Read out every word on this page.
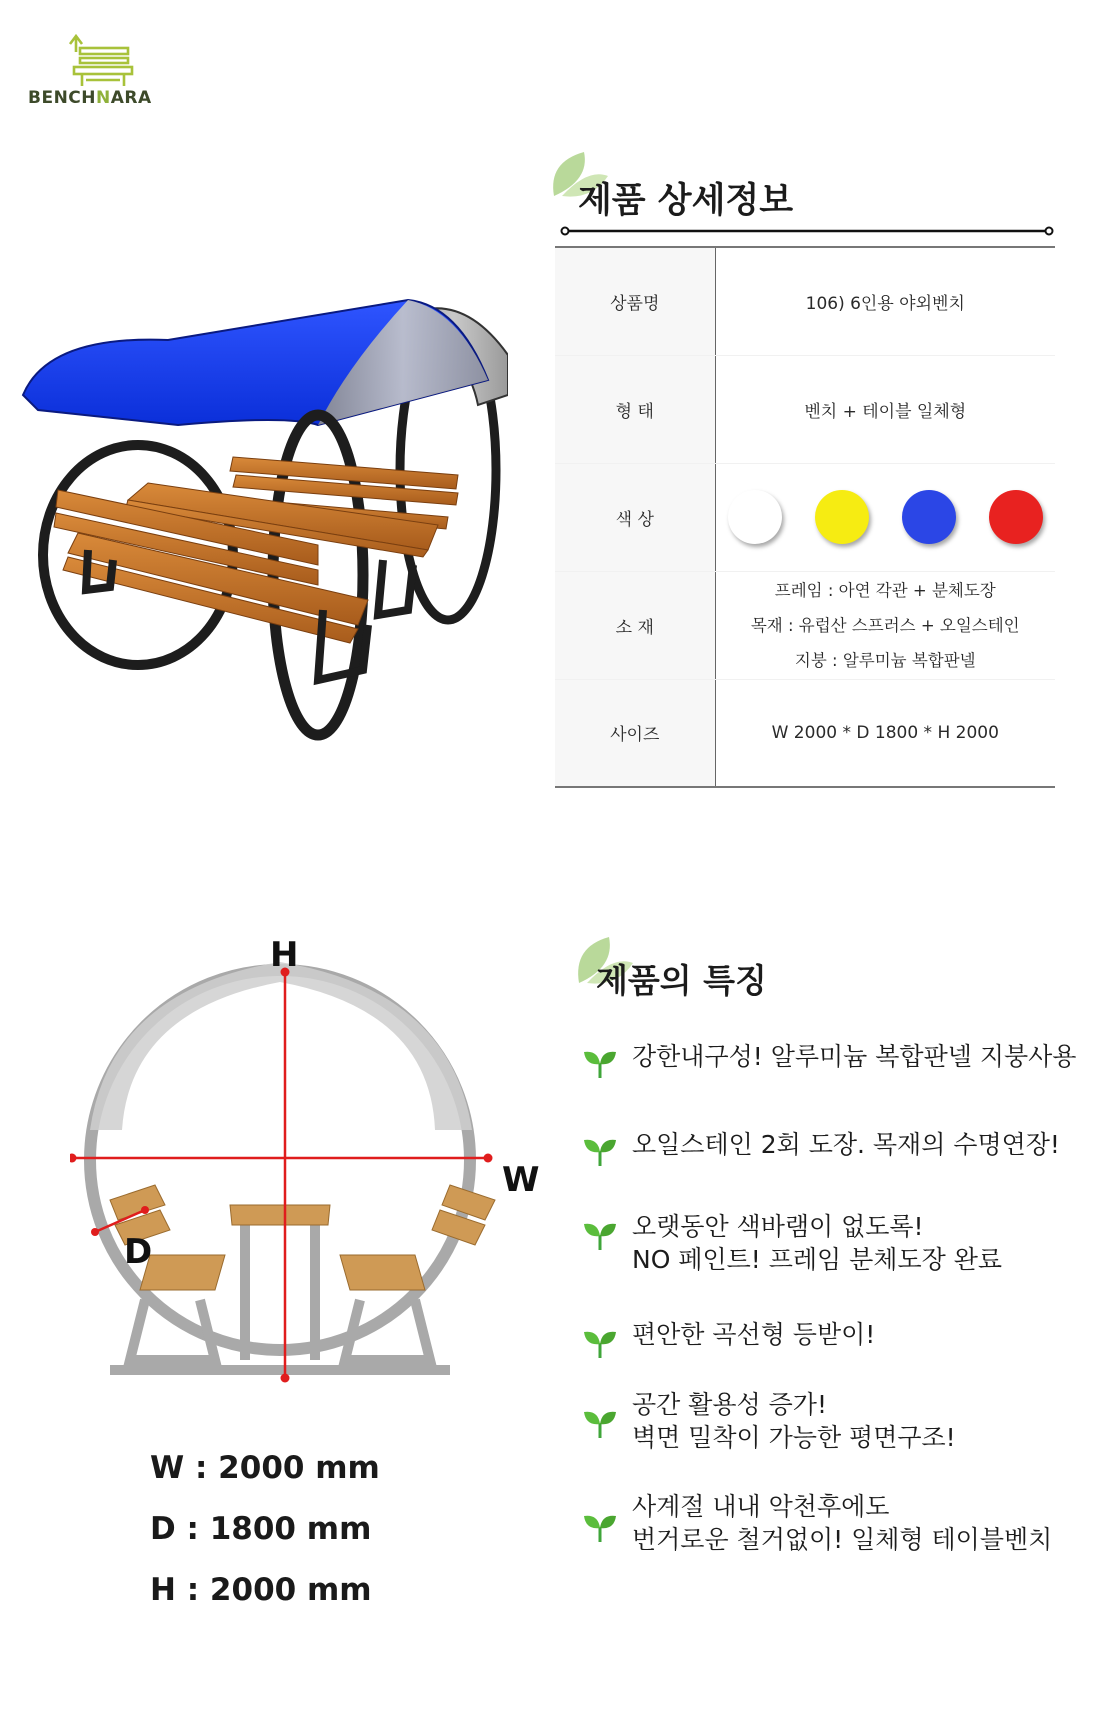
BENCHNARA
제품 상세정보
상품명	106) 6인용 야외벤치
형 태	벤치 + 테이블 일체형
색 상	

소 재	프레임 : 아연 각관 + 분체도장
목재 : 유럽산 스프러스 + 오일스테인
지붕 : 알루미늄 복합판넬

사이즈	W 2000 * D 1800 * H 2000
H
W
D
W : 2000 mm
D : 1800 mm
H : 2000 mm
제품의 특징
강한내구성! 알루미늄 복합판넬 지붕사용
오일스테인 2회 도장. 목재의 수명연장!
오랫동안 색바램이 없도록!
NO 페인트! 프레임 분체도장 완료
편안한 곡선형 등받이!
공간 활용성 증가!
벽면 밀착이 가능한 평면구조!
사계절 내내 악천후에도
번거로운 철거없이! 일체형 테이블벤치
